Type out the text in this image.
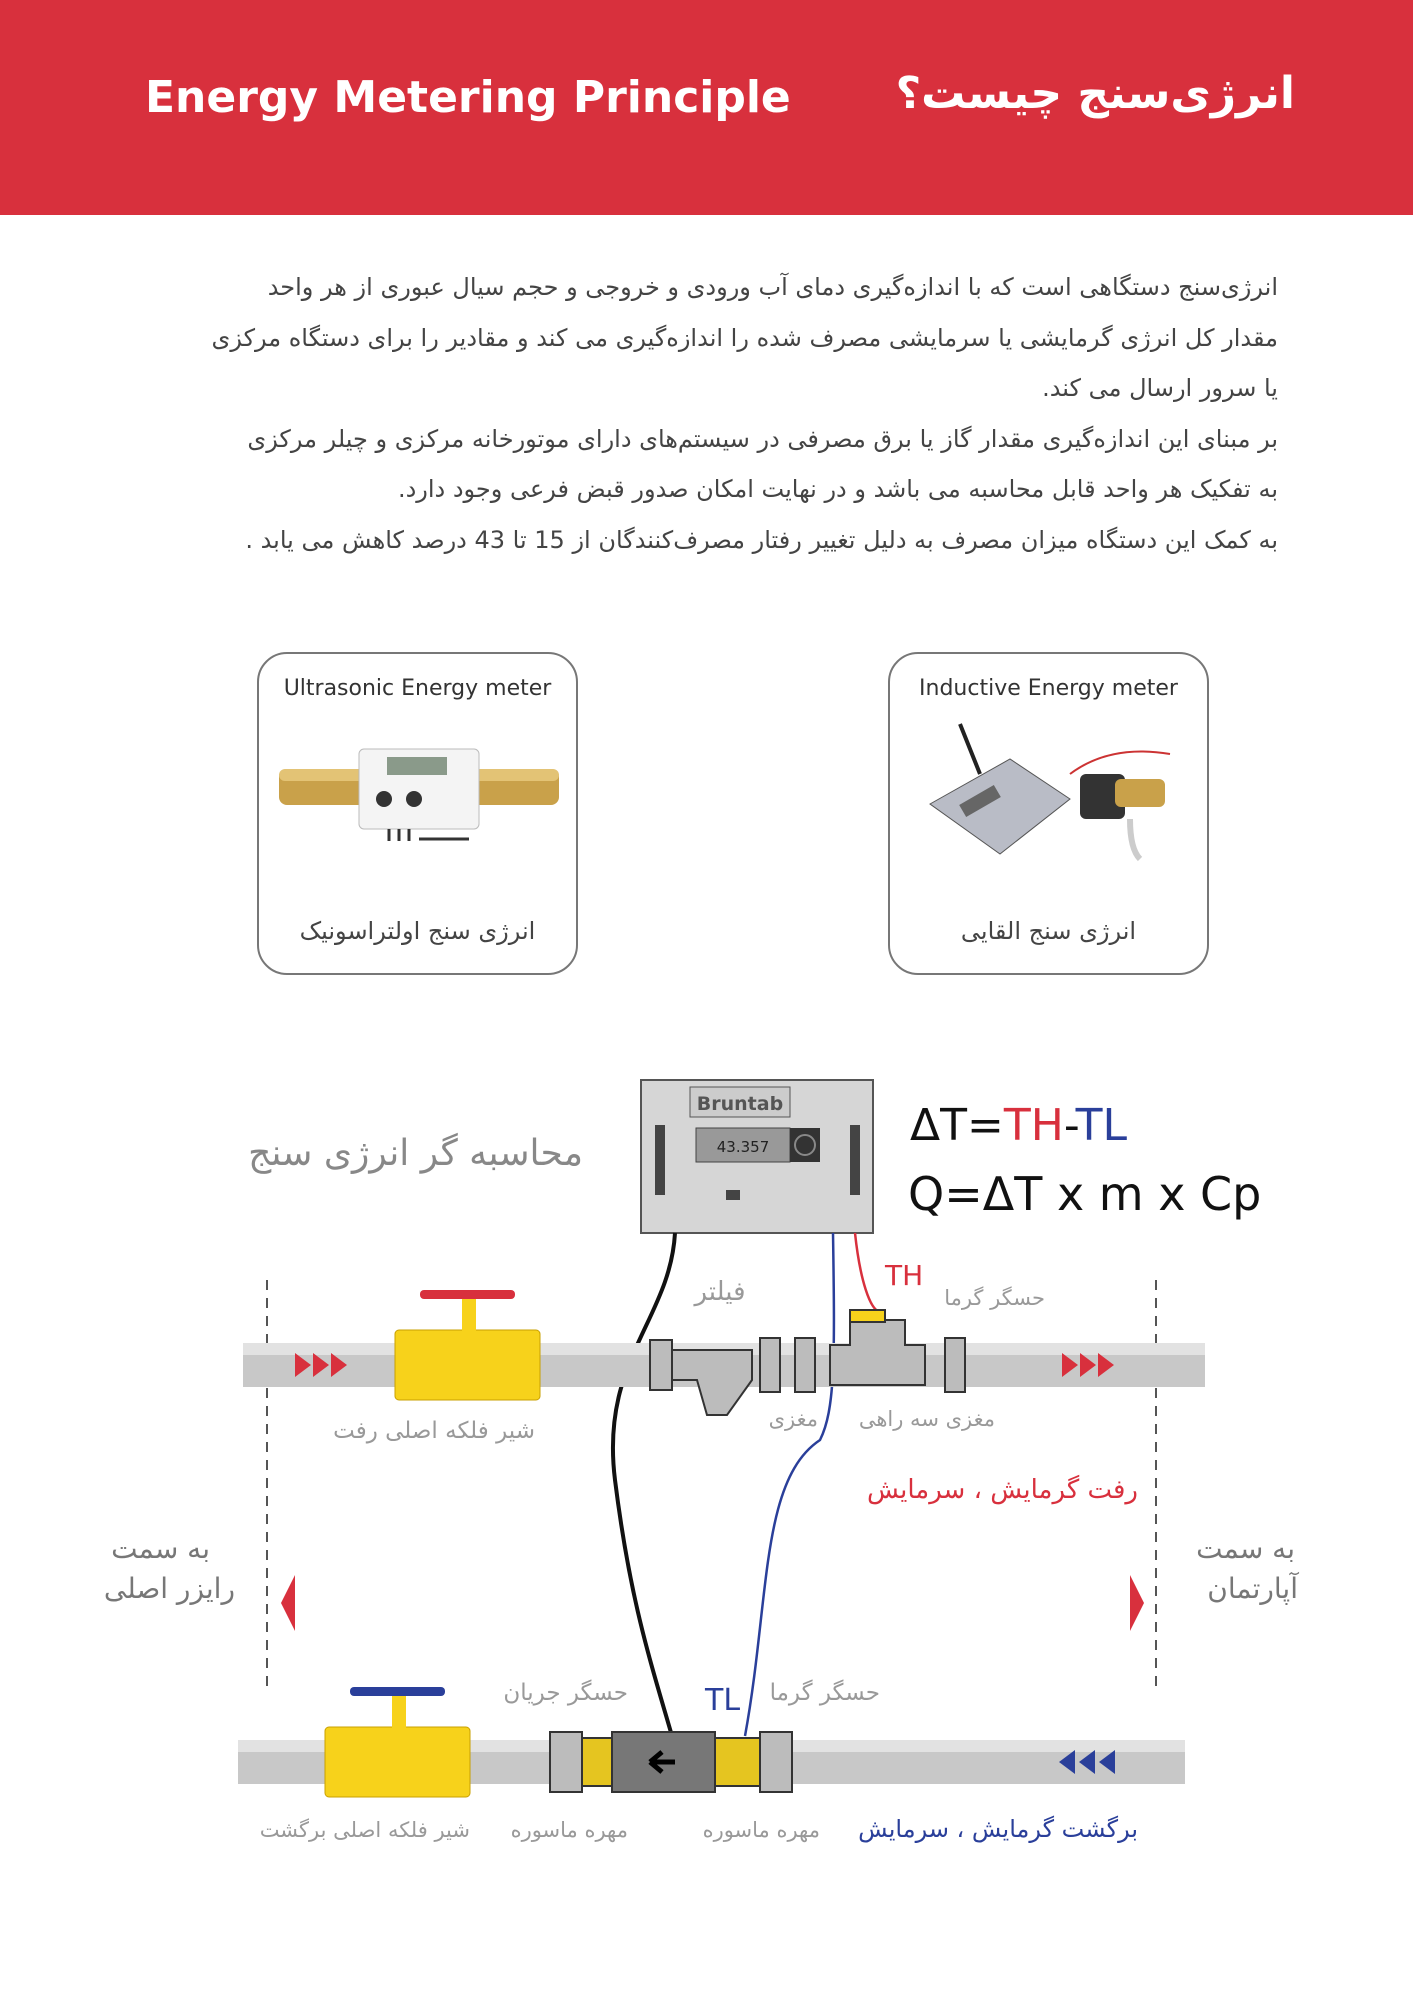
Energy Metering Principle انرژی‌سنج چیست؟
انرژی‌سنج دستگاهی است که با اندازه‌گیری دمای آب ورودی و خروجی و حجم سیال عبوری از هر واحد
مقدار کل انرژی گرمایشی یا سرمایشی مصرف شده را اندازه‌گیری می کند و مقادیر را برای دستگاه مرکزی
یا سرور ارسال می کند.
بر مبنای این اندازه‌گیری مقدار گاز یا برق مصرفی در سیستم‌های دارای موتورخانه مرکزی و چیلر مرکزی
به تفکیک هر واحد قابل محاسبه می باشد و در نهایت امکان صدور قبض فرعی وجود دارد.
به کمک این دستگاه میزان مصرف به دلیل تغییر رفتار مصرف‌کنندگان از 15 تا 43 درصد کاهش می یابد .
Ultrasonic Energy meter
انرژی سنج اولتراسونیک
Inductive Energy meter
انرژی سنج القایی
محاسبه گر انرژی سنج
Bruntab
43.357	ΔT=TH-TL
Q=ΔT x m x Cp
فیلتر	TH
حسگر گرما
شیر فلکه اصلی رفت	مغزی مغزی سه راهی
رفت گرمایش ، سرمایش
به سمت
رایزر اصلی
به سمت
آپارتمان
حسگر جریان	TL حسگر گرما
شیر فلکه اصلی برگشت مهره ماسوره	مهره ماسوره برگشت گرمایش ، سرمایش
